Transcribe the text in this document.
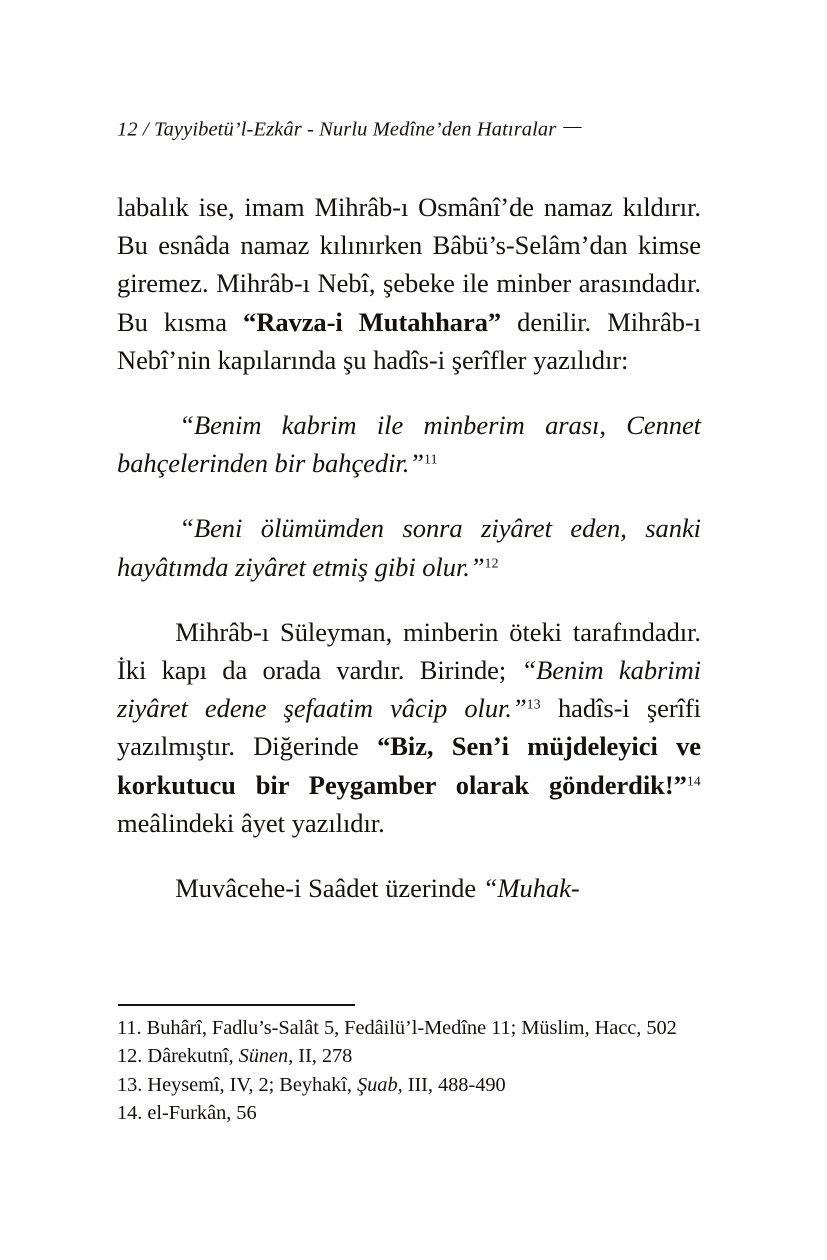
12 / Tayyibetü’l-Ezkâr - Nurlu Medîne’den Hatıralar —

labalık ise, imam Mihrâb-ı Osmânî’de namaz kıldırır. Bu esnâda namaz kılınırken Bâbü’s-Selâm’dan kimse giremez. Mihrâb-ı Nebî, şebeke ile minber arasındadır. Bu kısma “Ravza-i Mutahhara” denilir. Mihrâb-ı Nebî’nin kapılarında şu hadîs-i şerîfler yazılıdır:

“Benim kabrim ile minberim arası, Cennet bahçelerinden bir bahçedir.”$^{11}$

“Beni ölümümden sonra ziyâret eden, sanki hayâtımda ziyâret etmiş gibi olur.”$^{12}$

Mihrâb-ı Süleyman, minberin öteki tarafındadır. İki kapı da orada vardır. Birinde; “Benim kabrimi ziyâret edene şefaatim vâcip olur.”$^{13}$ hadîs-i şerîfi yazılmıştır. Diğerinde “Biz, Sen’i müjdeleyici ve korkutucu bir Peygamber olarak gönderdik!”$^{14}$ meâlindeki âyet yazılıdır.

Muvâcehe-i Saâdet üzerinde “Muhak-

11. Buhârî, Fadlu’s-Salât 5, Fedâilü’l-Medîne 11; Müslim, Hacc, 502
12. Dârekutnî, Sünen, II, 278
13. Heysemî, IV, 2; Beyhakî, Şuab, III, 488-490
14. el-Furkân, 56
